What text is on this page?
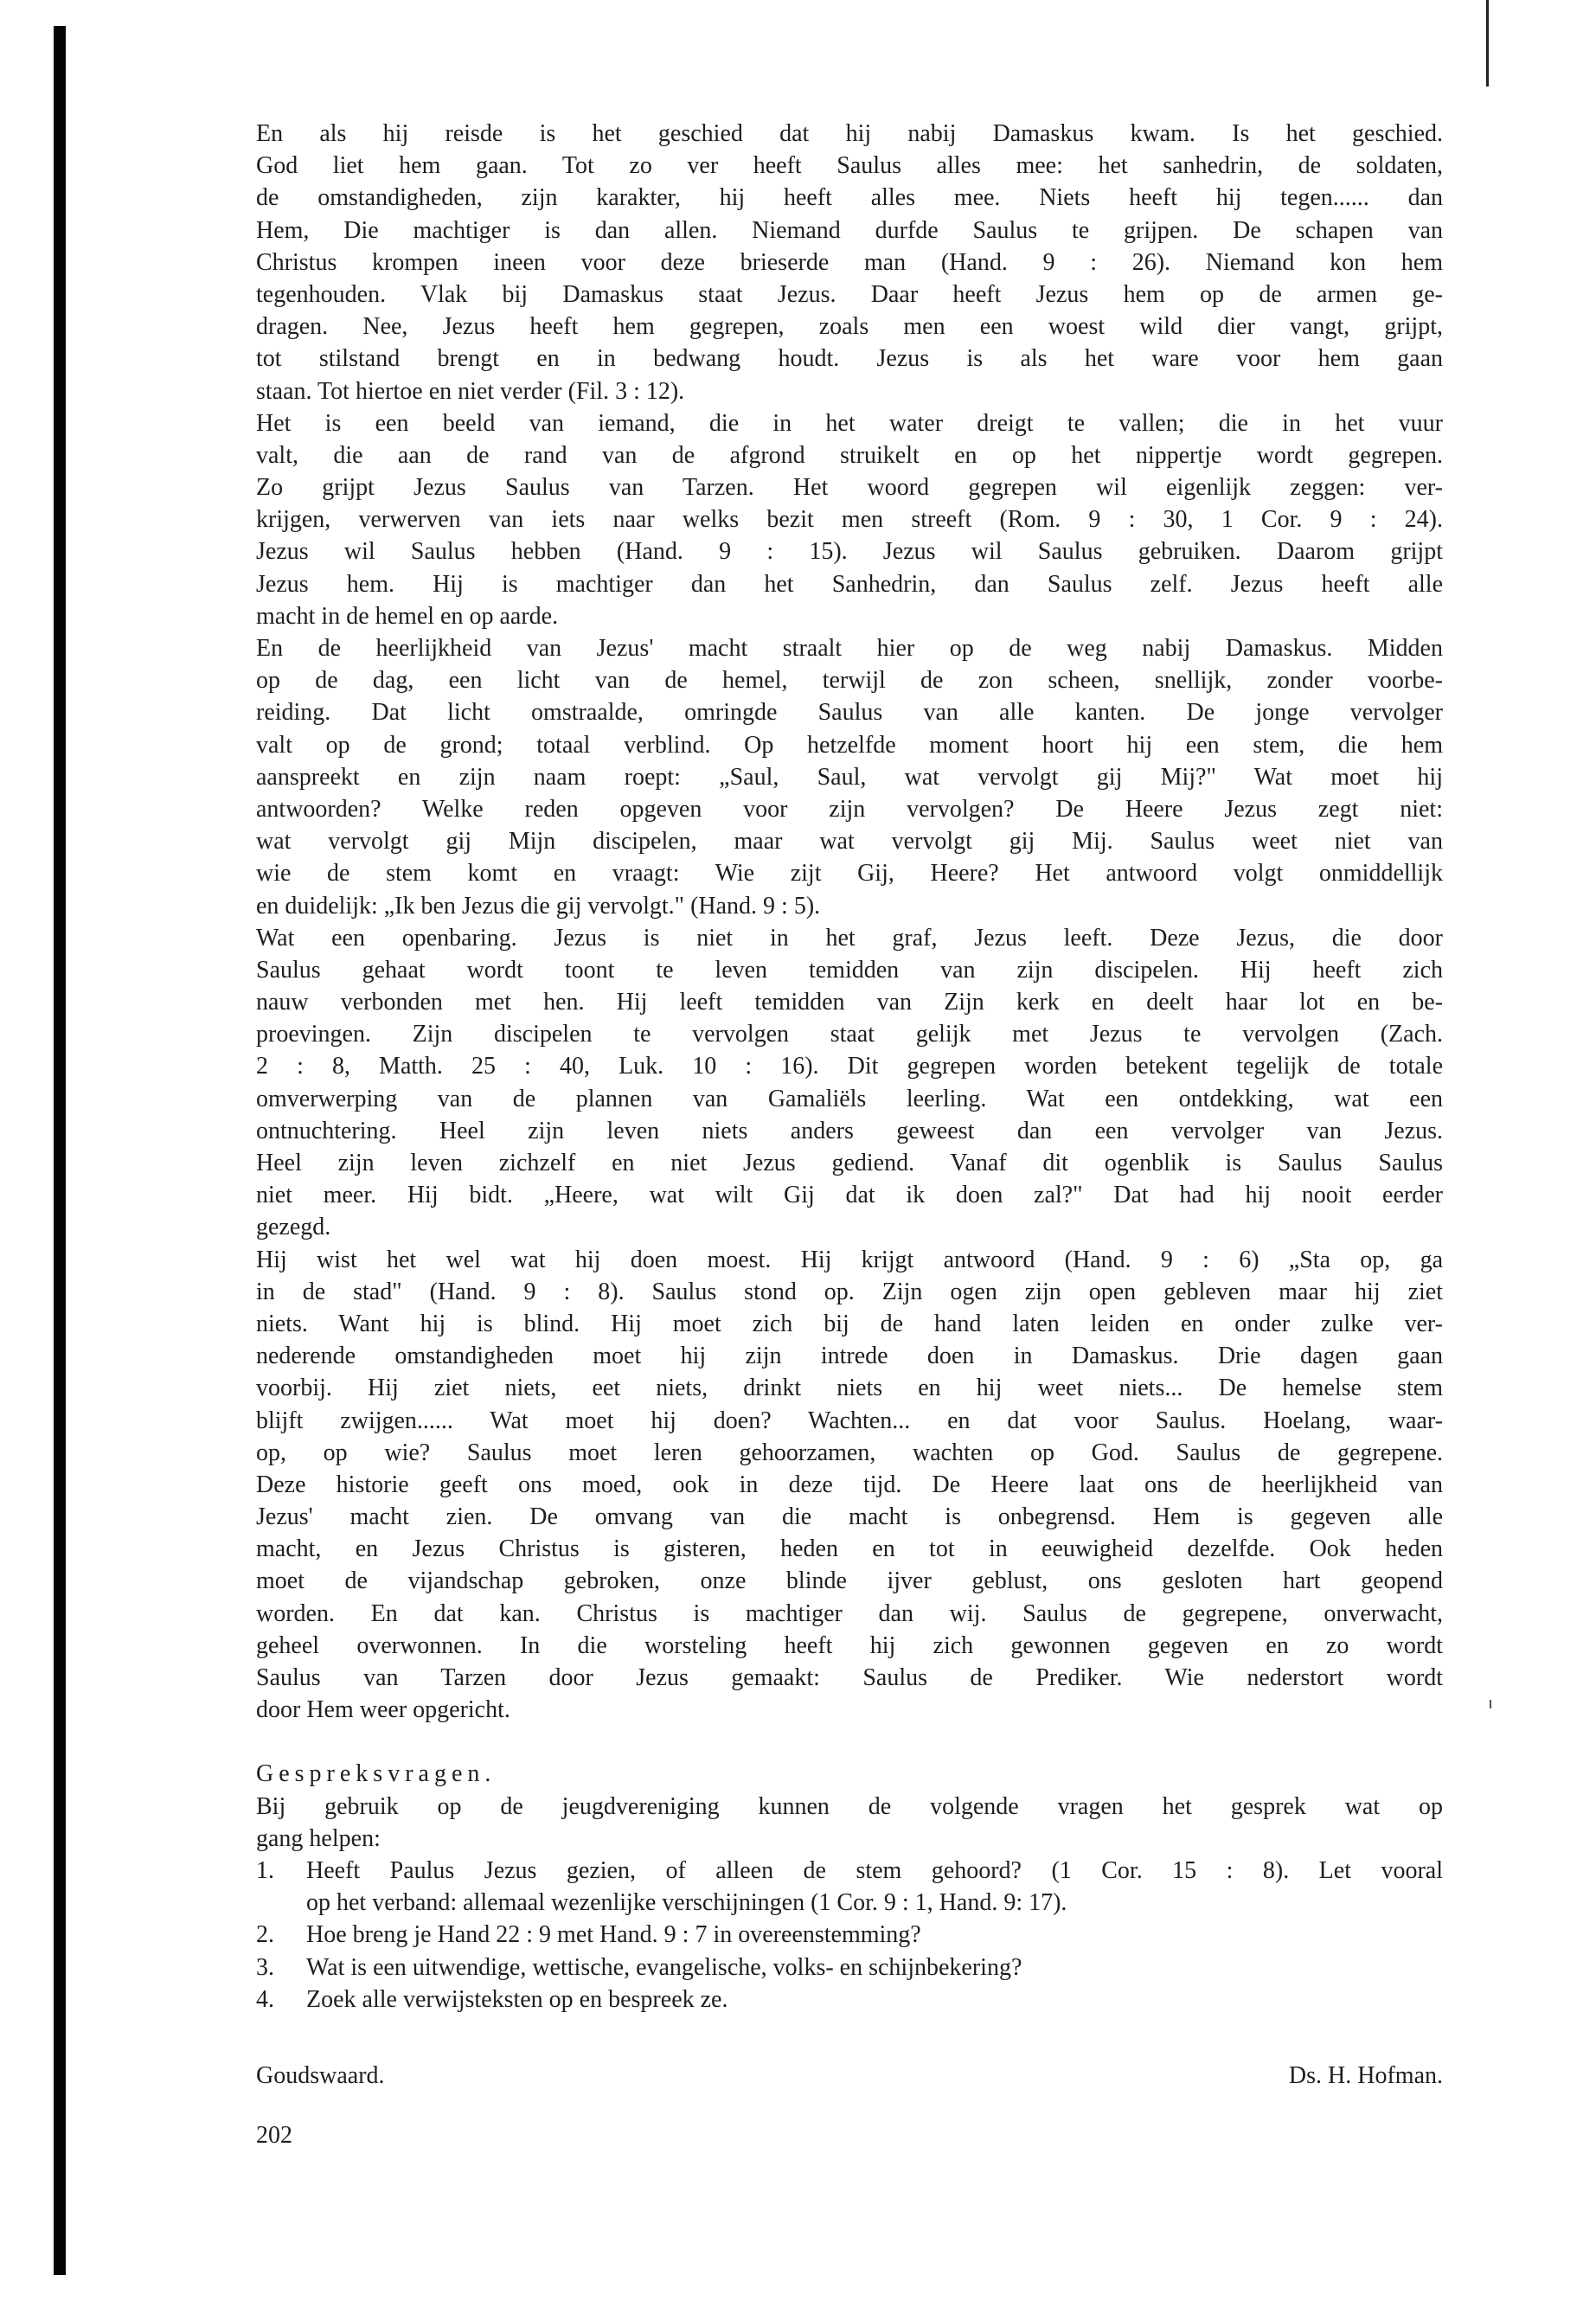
En als hij reisde is het geschied dat hij nabij Damaskus kwam. Is het geschied.
God liet hem gaan. Tot zo ver heeft Saulus alles mee: het sanhedrin, de soldaten,
de omstandigheden, zijn karakter, hij heeft alles mee. Niets heeft hij tegen...... dan
Hem, Die machtiger is dan allen. Niemand durfde Saulus te grijpen. De schapen van
Christus krompen ineen voor deze brieserde man (Hand. 9 : 26). Niemand kon hem
tegenhouden. Vlak bij Damaskus staat Jezus. Daar heeft Jezus hem op de armen ge-
dragen. Nee, Jezus heeft hem gegrepen, zoals men een woest wild dier vangt, grijpt,
tot stilstand brengt en in bedwang houdt. Jezus is als het ware voor hem gaan
staan. Tot hiertoe en niet verder (Fil. 3 : 12).
Het is een beeld van iemand, die in het water dreigt te vallen; die in het vuur
valt, die aan de rand van de afgrond struikelt en op het nippertje wordt gegrepen.
Zo grijpt Jezus Saulus van Tarzen. Het woord gegrepen wil eigenlijk zeggen: ver-
krijgen, verwerven van iets naar welks bezit men streeft (Rom. 9 : 30, 1 Cor. 9 : 24).
Jezus wil Saulus hebben (Hand. 9 : 15). Jezus wil Saulus gebruiken. Daarom grijpt
Jezus hem. Hij is machtiger dan het Sanhedrin, dan Saulus zelf. Jezus heeft alle
macht in de hemel en op aarde.
En de heerlijkheid van Jezus' macht straalt hier op de weg nabij Damaskus. Midden
op de dag, een licht van de hemel, terwijl de zon scheen, snellijk, zonder voorbe-
reiding. Dat licht omstraalde, omringde Saulus van alle kanten. De jonge vervolger
valt op de grond; totaal verblind. Op hetzelfde moment hoort hij een stem, die hem
aanspreekt en zijn naam roept: „Saul, Saul, wat vervolgt gij Mij?" Wat moet hij
antwoorden? Welke reden opgeven voor zijn vervolgen? De Heere Jezus zegt niet:
wat vervolgt gij Mijn discipelen, maar wat vervolgt gij Mij. Saulus weet niet van
wie de stem komt en vraagt: Wie zijt Gij, Heere? Het antwoord volgt onmiddellijk
en duidelijk: „Ik ben Jezus die gij vervolgt." (Hand. 9 : 5).
Wat een openbaring. Jezus is niet in het graf, Jezus leeft. Deze Jezus, die door
Saulus gehaat wordt toont te leven temidden van zijn discipelen. Hij heeft zich
nauw verbonden met hen. Hij leeft temidden van Zijn kerk en deelt haar lot en be-
proevingen. Zijn discipelen te vervolgen staat gelijk met Jezus te vervolgen (Zach.
2 : 8, Matth. 25 : 40, Luk. 10 : 16). Dit gegrepen worden betekent tegelijk de totale
omverwerping van de plannen van Gamaliëls leerling. Wat een ontdekking, wat een
ontnuchtering. Heel zijn leven niets anders geweest dan een vervolger van Jezus.
Heel zijn leven zichzelf en niet Jezus gediend. Vanaf dit ogenblik is Saulus Saulus
niet meer. Hij bidt. „Heere, wat wilt Gij dat ik doen zal?" Dat had hij nooit eerder
gezegd.
Hij wist het wel wat hij doen moest. Hij krijgt antwoord (Hand. 9 : 6) „Sta op, ga
in de stad" (Hand. 9 : 8). Saulus stond op. Zijn ogen zijn open gebleven maar hij ziet
niets. Want hij is blind. Hij moet zich bij de hand laten leiden en onder zulke ver-
nederende omstandigheden moet hij zijn intrede doen in Damaskus. Drie dagen gaan
voorbij. Hij ziet niets, eet niets, drinkt niets en hij weet niets... De hemelse stem
blijft zwijgen...... Wat moet hij doen? Wachten... en dat voor Saulus. Hoelang, waar-
op, op wie? Saulus moet leren gehoorzamen, wachten op God. Saulus de gegrepene.
Deze historie geeft ons moed, ook in deze tijd. De Heere laat ons de heerlijkheid van
Jezus' macht zien. De omvang van die macht is onbegrensd. Hem is gegeven alle
macht, en Jezus Christus is gisteren, heden en tot in eeuwigheid dezelfde. Ook heden
moet de vijandschap gebroken, onze blinde ijver geblust, ons gesloten hart geopend
worden. En dat kan. Christus is machtiger dan wij. Saulus de gegrepene, onverwacht,
geheel overwonnen. In die worsteling heeft hij zich gewonnen gegeven en zo wordt
Saulus van Tarzen door Jezus gemaakt: Saulus de Prediker. Wie nederstort wordt
door Hem weer opgericht.
Gespreksvragen.
Bij gebruik op de jeugdvereniging kunnen de volgende vragen het gesprek wat op
gang helpen:
1.	Heeft Paulus Jezus gezien, of alleen de stem gehoord? (1 Cor. 15 : 8). Let vooral
op het verband: allemaal wezenlijke verschijningen (1 Cor. 9 : 1, Hand. 9: 17).
2.	Hoe breng je Hand 22 : 9 met Hand. 9 : 7 in overeenstemming?
3.	Wat is een uitwendige, wettische, evangelische, volks- en schijnbekering?
4.	Zoek alle verwijsteksten op en bespreek ze.
Goudswaard.	Ds. H. Hofman.
202
